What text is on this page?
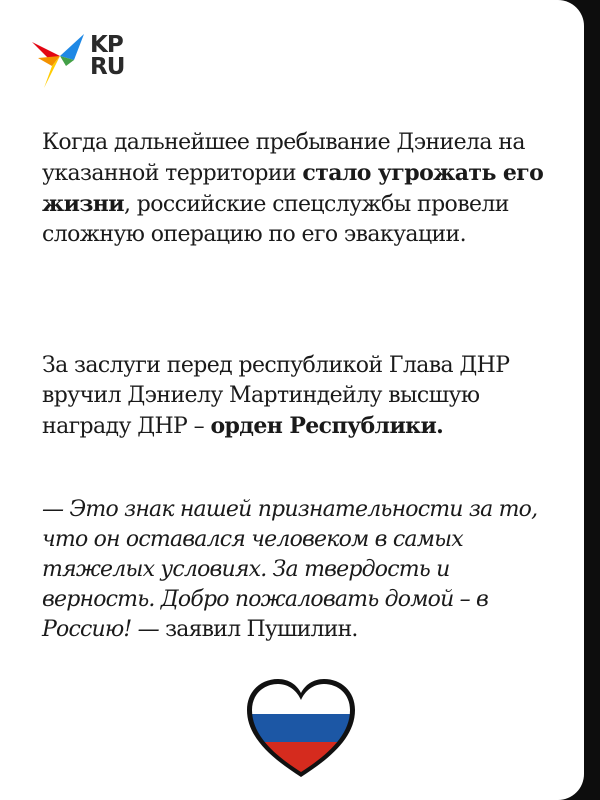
KP
RU
Когда дальнейшее пребывание Дэниела на указанной территории стало угрожать его жизни, российские спецслужбы провели сложную операцию по его эвакуации.
За заслуги перед республикой Глава ДНР вручил Дэниелу Мартиндейлу высшую награду ДНР – орден Республики.
— Это знак нашей признательности за то, что он оставался человеком в самых тяжелых условиях. За твердость и верность. Добро пожаловать домой – в Россию! — заявил Пушилин.
